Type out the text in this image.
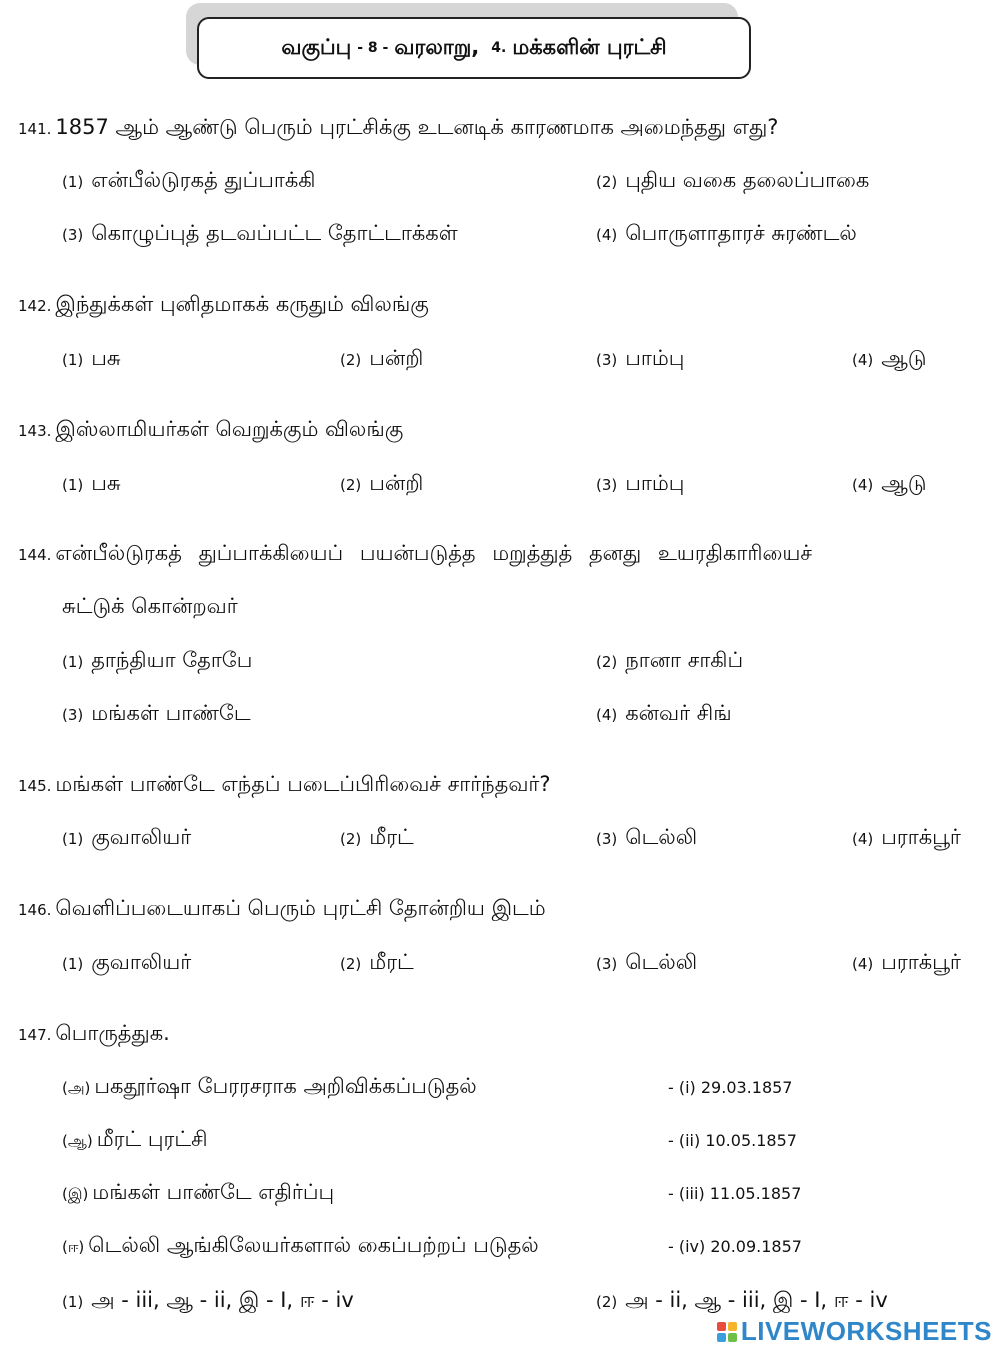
வகுப்பு - 8 - வரலாறு, 4. மக்களின் புரட்சி
141. 1857 ஆம் ஆண்டு பெரும் புரட்சிக்கு உடனடிக் காரணமாக அமைந்தது எது?
(1) என்பீல்டுரகத் துப்பாக்கி	(2) புதிய வகை தலைப்பாகை
(3) கொழுப்புத் தடவப்பட்ட தோட்டாக்கள்	(4) பொருளாதாரச் சுரண்டல்
142. இந்துக்கள் புனிதமாகக் கருதும் விலங்கு
(1) பசு	(2) பன்றி	(3) பாம்பு	(4) ஆடு
143. இஸ்லாமியர்கள் வெறுக்கும் விலங்கு
(1) பசு	(2) பன்றி	(3) பாம்பு	(4) ஆடு
144. என்பீல்டுரகத் துப்பாக்கியைப் பயன்படுத்த மறுத்துத் தனது உயரதிகாரியைச்
சுட்டுக் கொன்றவர்
(1) தாந்தியா தோபே	(2) நானா சாகிப்
(3) மங்கள் பாண்டே	(4) கன்வர் சிங்
145. மங்கள் பாண்டே எந்தப் படைப்பிரிவைச் சார்ந்தவர்?
(1) குவாலியர்	(2) மீரட்	(3) டெல்லி	(4) பராக்பூர்
146. வெளிப்படையாகப் பெரும் புரட்சி தோன்றிய இடம்
(1) குவாலியர்	(2) மீரட்	(3) டெல்லி	(4) பராக்பூர்
147. பொருத்துக.
(அ) பகதூர்ஷா பேரரசராக அறிவிக்கப்படுதல்	- (i) 29.03.1857
(ஆ) மீரட் புரட்சி	- (ii) 10.05.1857
(இ) மங்கள் பாண்டே எதிர்ப்பு	- (iii) 11.05.1857
(ஈ) டெல்லி ஆங்கிலேயர்களால் கைப்பற்றப் படுதல்	- (iv) 20.09.1857
(1) அ - iii, ஆ - ii, இ - I, ஈ - iv	(2) அ - ii, ஆ - iii, இ - I, ஈ - iv
LIVEWORKSHEETS
